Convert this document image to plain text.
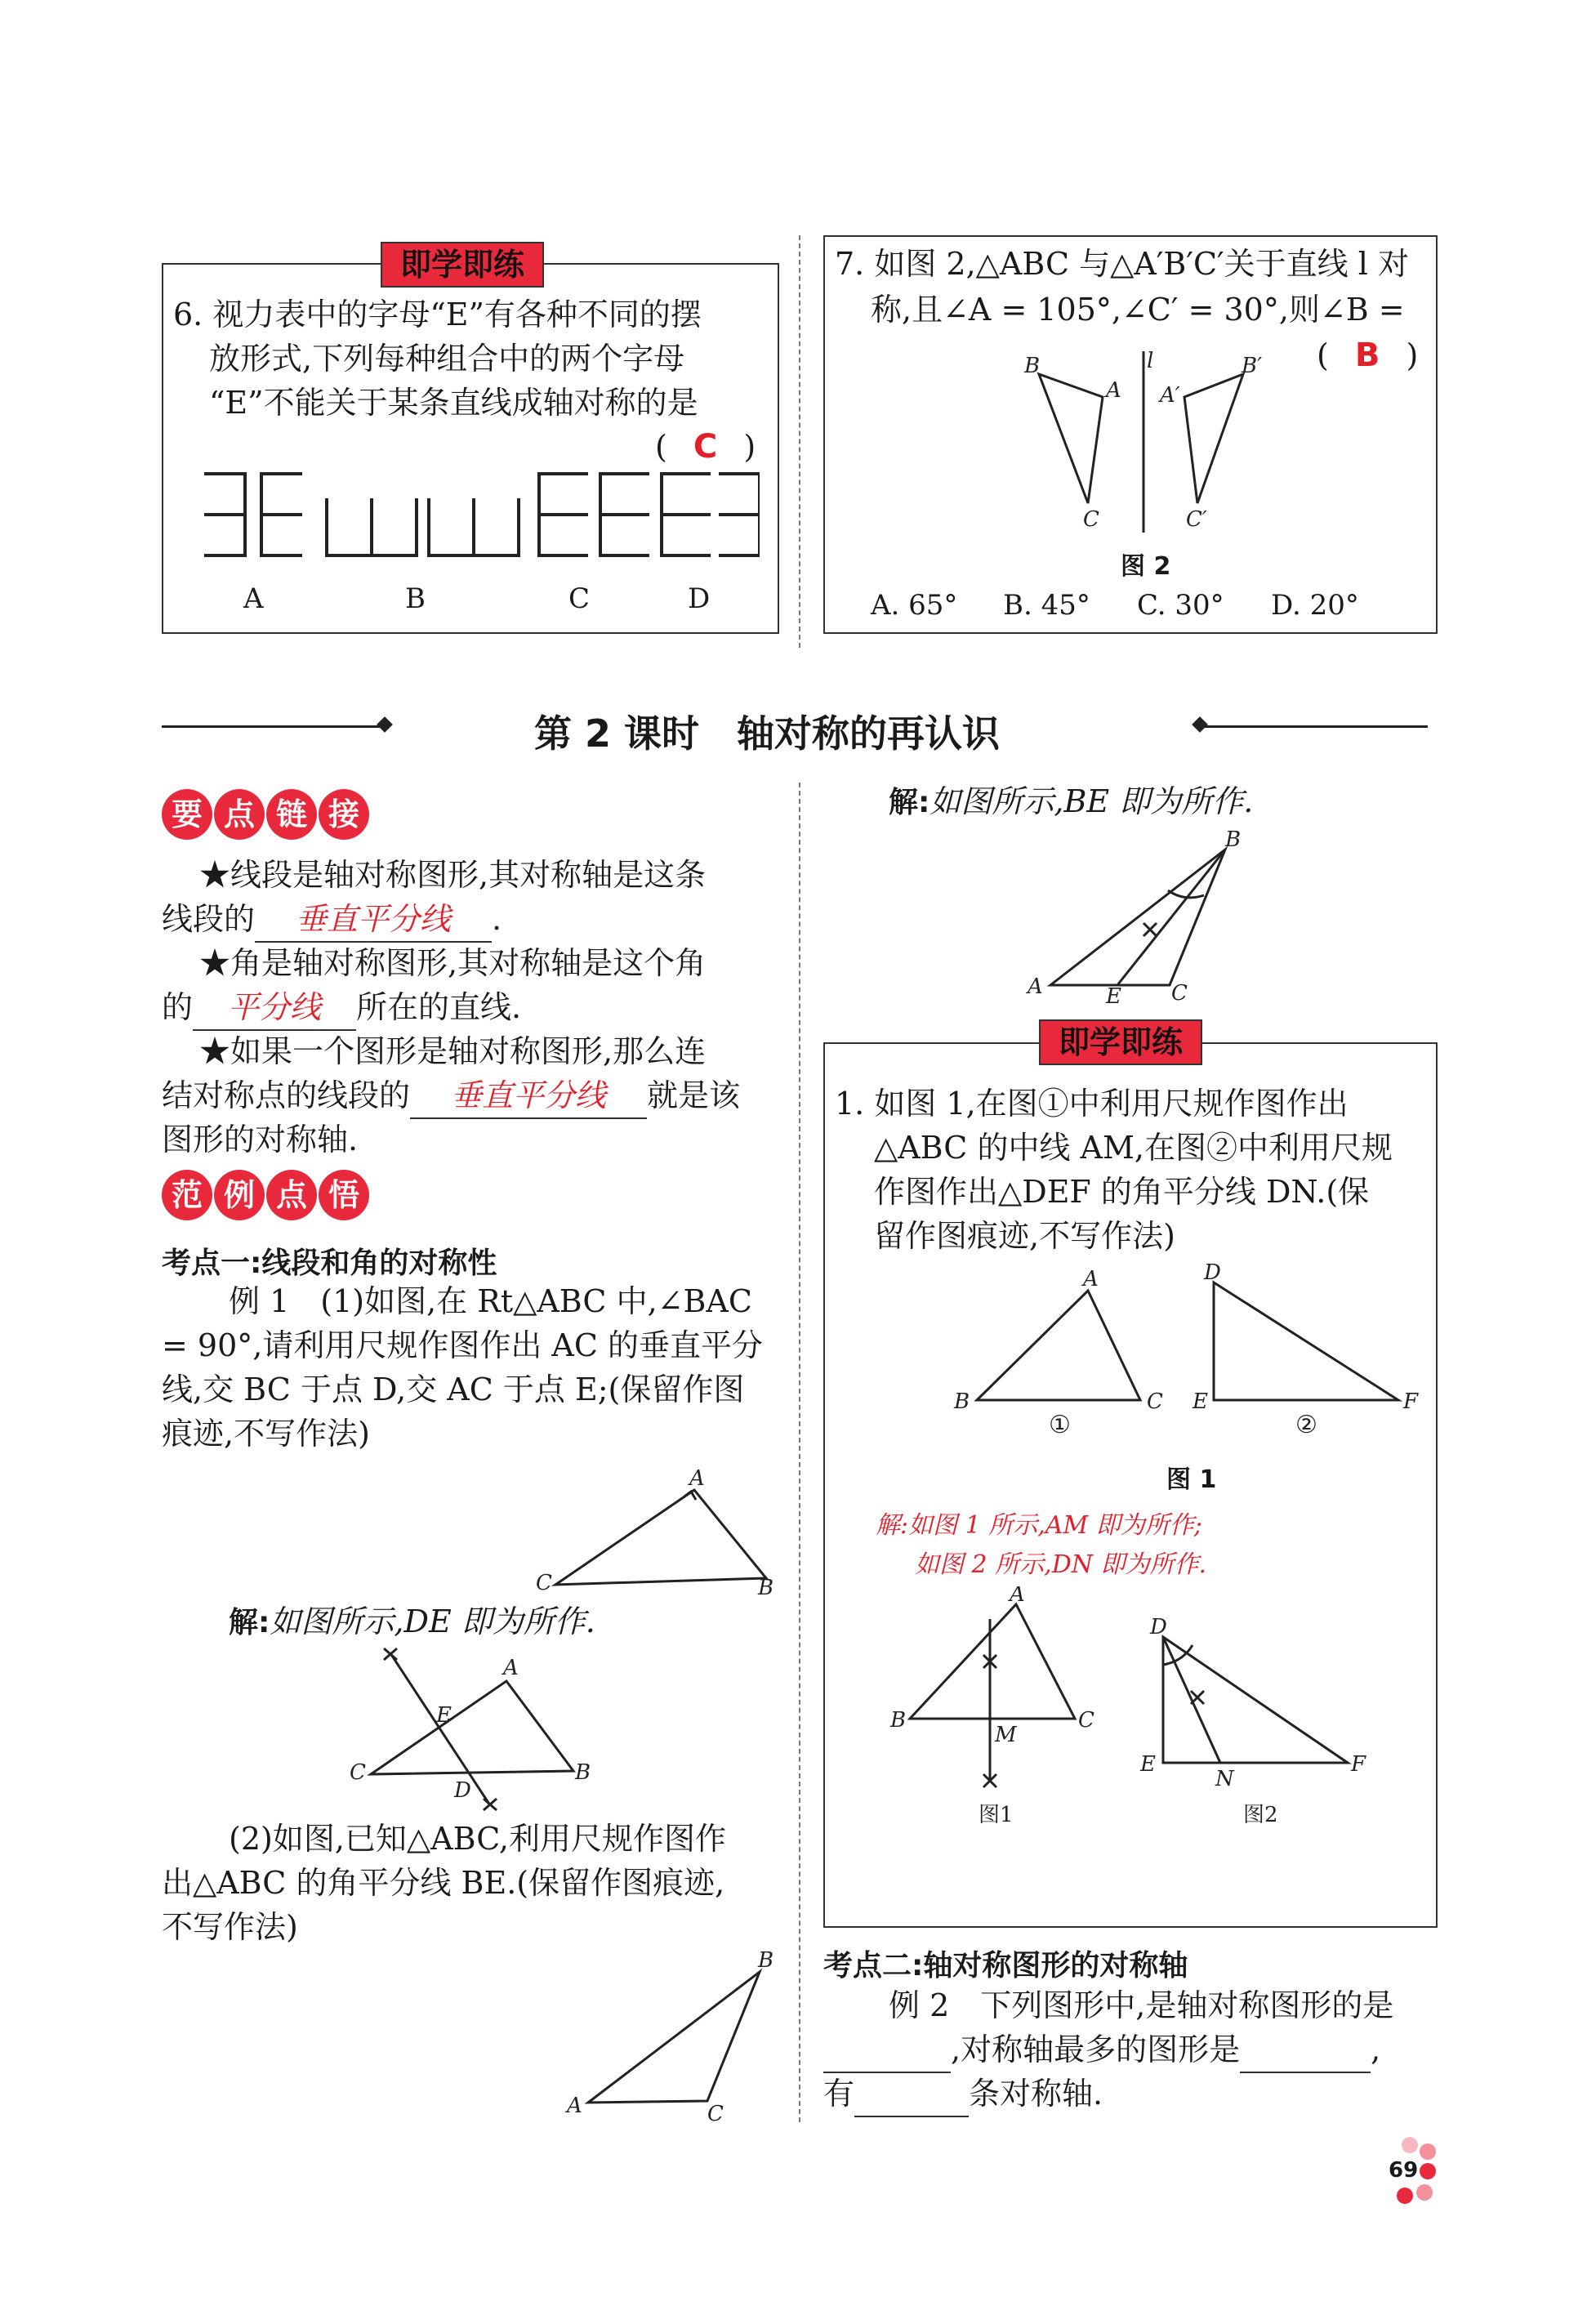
即学即练
6. 视力表中的字母“E”有各种不同的摆
放形式,下列每种组合中的两个字母
“E”不能关于某条直线成轴对称的是
( C )
A	B	C	D
7. 如图 2,△ABC 与△A′B′C′关于直线 l 对
称,且∠A = 105°,∠C′ = 30°,则∠B =
( B )
B
A
C
l	B′
A′
C′
图 2
A. 65° B. 45° C. 30° D. 20°
第 2 课时　轴对称的再认识
要 点 链 接
★线段是轴对称图形,其对称轴是这条
线段的 垂直平分线 .
★角是轴对称图形,其对称轴是这个角
的 平分线 所在的直线.
★如果一个图形是轴对称图形,那么连
结对称点的线段的 垂直平分线 就是该
图形的对称轴.
范 例 点 悟
考点一:线段和角的对称性
例 1　(1)如图,在 Rt△ABC 中,∠BAC
= 90°,请利用尺规作图作出 AC 的垂直平分
线,交 BC 于点 D,交 AC 于点 E;(保留作图
痕迹,不写作法)
A
C	B
解:如图所示,DE 即为所作.
A
E
C
D
B
(2)如图,已知△ABC,利用尺规作图作
出△ABC 的角平分线 BE.(保留作图痕迹,
不写作法)
B
A	C
解:如图所示,BE 即为所作.
B
A	E C
即学即练
1. 如图 1,在图①中利用尺规作图作出
△ABC 的中线 AM,在图②中利用尺规
作图作出△DEF 的角平分线 DN.(保
留作图痕迹,不写作法)
A
B	C
D
E	F
①	②
图 1
解:如图 1 所示,AM 即为所作;
如图 2 所示,DN 即为所作.
A
B	C
M
D
E
N
F
图1	图2
考点二:轴对称图形的对称轴
例 2　下列图形中,是轴对称图形的是
,对称轴最多的图形是	,
有	条对称轴.
69
